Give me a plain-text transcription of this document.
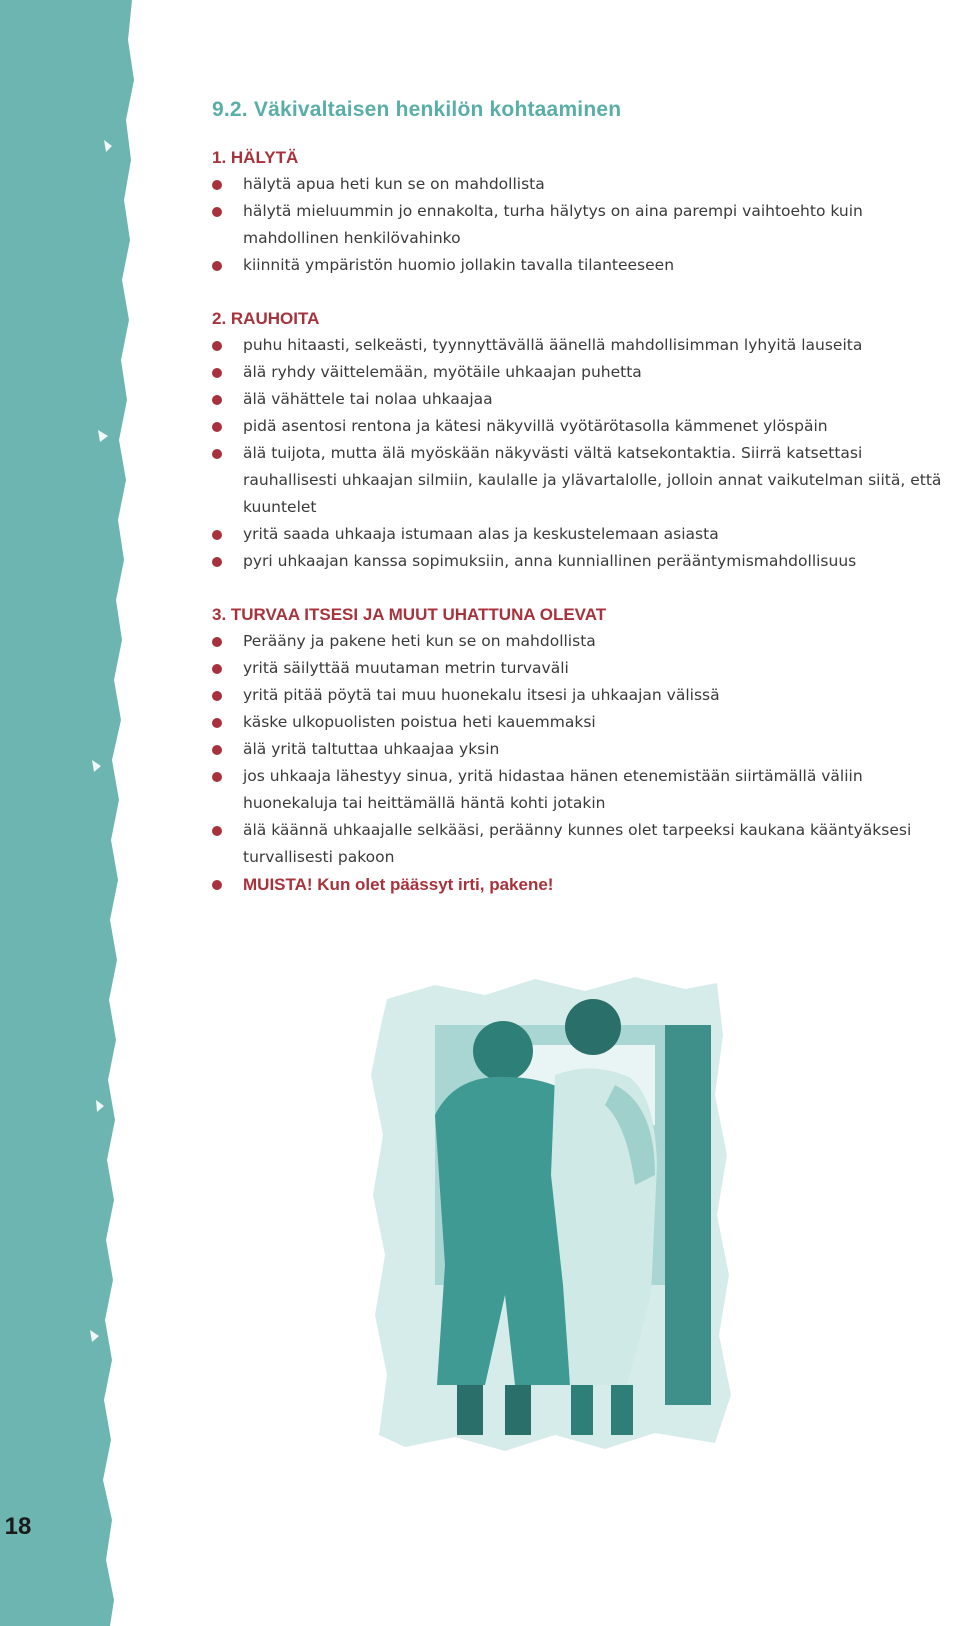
18
9.2. Väkivaltaisen henkilön kohtaaminen
1. HÄLYTÄ
hälytä apua heti kun se on mahdollista
hälytä mieluummin jo ennakolta, turha hälytys on aina parempi vaihtoehto kuin mahdollinen henkilövahinko
kiinnitä ympäristön huomio jollakin tavalla tilanteeseen
2. RAUHOITA
puhu hitaasti, selkeästi, tyynnyttävällä äänellä mahdollisimman lyhyitä lauseita
älä ryhdy väittelemään, myötäile uhkaajan puhetta
älä vähättele tai nolaa uhkaajaa
pidä asentosi rentona ja kätesi näkyvillä vyötärötasolla kämmenet ylöspäin
älä tuijota, mutta älä myöskään näkyvästi vältä katsekontaktia. Siirrä katsettasi rauhallisesti uhkaajan silmiin, kaulalle ja ylävartalolle, jolloin annat vaikutelman siitä, että kuuntelet
yritä saada uhkaaja istumaan alas ja keskustelemaan asiasta
pyri uhkaajan kanssa sopimuksiin, anna kunniallinen perääntymismahdollisuus
3. TURVAA ITSESI JA MUUT UHATTUNA OLEVAT
Perääny ja pakene heti kun se on mahdollista
yritä säilyttää muutaman metrin turvaväli
yritä pitää pöytä tai muu huonekalu itsesi ja uhkaajan välissä
käske ulkopuolisten poistua heti kauemmaksi
älä yritä taltuttaa uhkaajaa yksin
jos uhkaaja lähestyy sinua, yritä hidastaa hänen etenemistään siirtämällä väliin huonekaluja tai heittämällä häntä kohti jotakin
älä käännä uhkaajalle selkääsi, peräänny kunnes olet tarpeeksi kaukana kääntyäksesi turvallisesti pakoon
MUISTA! Kun olet päässyt irti, pakene!
